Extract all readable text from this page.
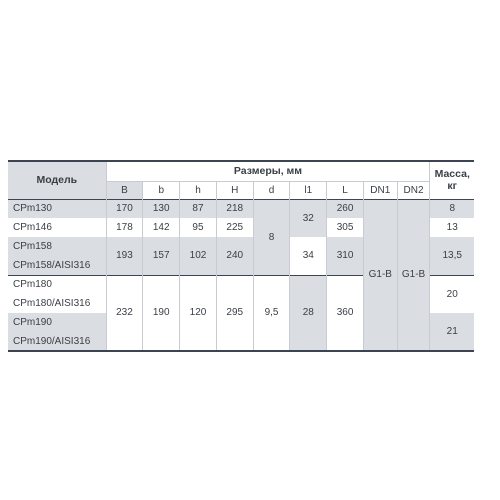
Модель	Размеры, мм									Масса,
кг
	B	b	h	H	d	l1	L	DN1	DN2	
CPm130	170	130	87	218	8	32	260	G1-B	G1-B	8
CPm146	178	142	95	225			305			13
CPm158	193	157	102	240		34	310			13,5
CPm158/AISI316										
CPm180	232	190	120	295	9,5	28	360			20
CPm180/AISI316										
CPm190										21
CPm190/AISI316										
